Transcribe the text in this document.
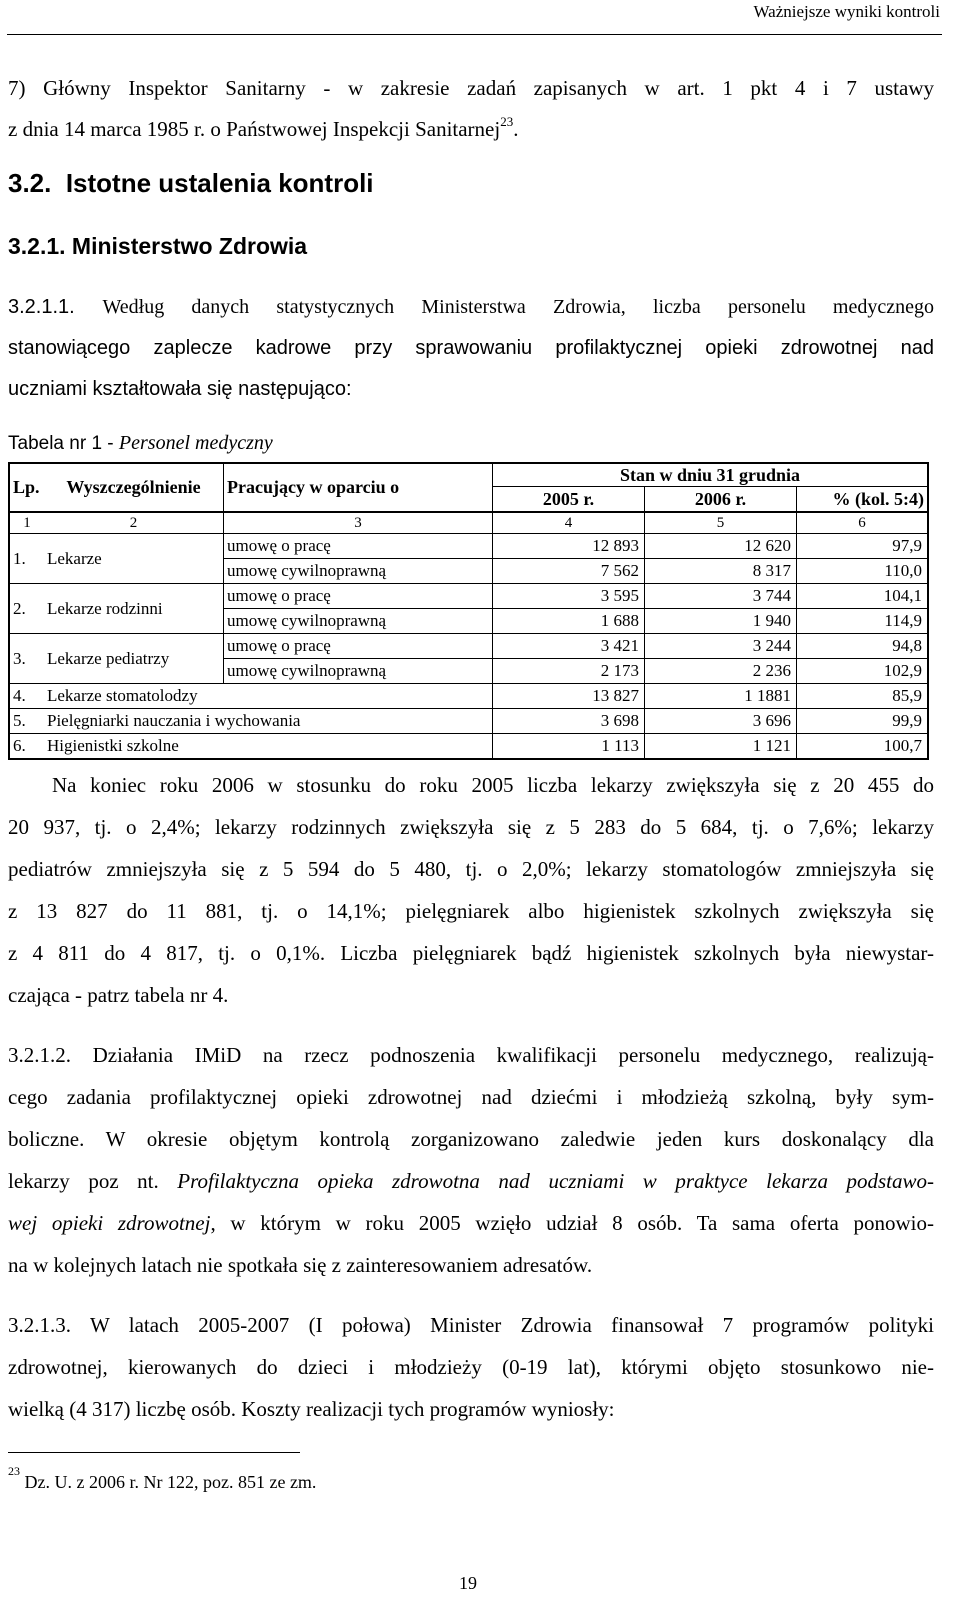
Ważniejsze wyniki kontroli
7) Główny Inspektor Sanitarny - w zakresie zadań zapisanych w art. 1 pkt 4 i 7 ustawy
z dnia 14 marca 1985 r. o Państwowej Inspekcji Sanitarnej$^{23}$.
3.2.  Istotne ustalenia kontroli
3.2.1. Ministerstwo Zdrowia
3.2.1.1. Według danych statystycznych Ministerstwa Zdrowia, liczba personelu medycznego
stanowiącego zaplecze kadrowe przy sprawowaniu profilaktycznej opieki zdrowotnej nad
uczniami kształtowała się następująco:
Tabela nr 1 - Personel medyczny
Lp.	Wyszczególnienie	Pracujący w oparciu o	Stan w dniu 31 grudnia		
			2005 r.	2006 r.	% (kol. 5:4)
1	2	3	4	5	6
1.	Lekarze	umowę o pracę	12 893	12 620	97,9
		umowę cywilnoprawną	7 562	8 317	110,0
2.	Lekarze rodzinni	umowę o pracę	3 595	3 744	104,1
		umowę cywilnoprawną	1 688	1 940	114,9
3.	Lekarze pediatrzy	umowę o pracę	3 421	3 244	94,8
		umowę cywilnoprawną	2 173	2 236	102,9
4.	Lekarze stomatolodzy		13 827	1 1881	85,9
5.	Pielęgniarki nauczania i wychowania		3 698	3 696	99,9
6.	Higienistki szkolne		1 113	1 121	100,7
Na koniec roku 2006 w stosunku do roku 2005 liczba lekarzy zwiększyła się z 20 455 do
20 937, tj. o 2,4%; lekarzy rodzinnych zwiększyła się z 5 283 do 5 684, tj. o 7,6%; lekarzy
pediatrów zmniejszyła się z 5 594 do 5 480, tj. o 2,0%; lekarzy stomatologów zmniejszyła się
z 13 827 do 11 881, tj. o 14,1%; pielęgniarek albo higienistek szkolnych zwiększyła się
z 4 811 do 4 817, tj. o 0,1%. Liczba pielęgniarek bądź higienistek szkolnych była niewystar-
czająca - patrz tabela nr 4.
3.2.1.2. Działania IMiD na rzecz podnoszenia kwalifikacji personelu medycznego, realizują-
cego zadania profilaktycznej opieki zdrowotnej nad dziećmi i młodzieżą szkolną, były sym-
boliczne. W okresie objętym kontrolą zorganizowano zaledwie jeden kurs doskonalący dla
lekarzy poz nt. Profilaktyczna opieka zdrowotna nad uczniami w praktyce lekarza podstawo-
wej opieki zdrowotnej, w którym w roku 2005 wzięło udział 8 osób. Ta sama oferta ponowio-
na w kolejnych latach nie spotkała się z zainteresowaniem adresatów.
3.2.1.3. W latach 2005-2007 (I połowa) Minister Zdrowia finansował 7 programów polityki
zdrowotnej, kierowanych do dzieci i młodzieży (0-19 lat), którymi objęto stosunkowo nie-
wielką (4 317) liczbę osób. Koszty realizacji tych programów wyniosły:
$^{23}$ Dz. U. z 2006 r. Nr 122, poz. 851 ze zm.
19
